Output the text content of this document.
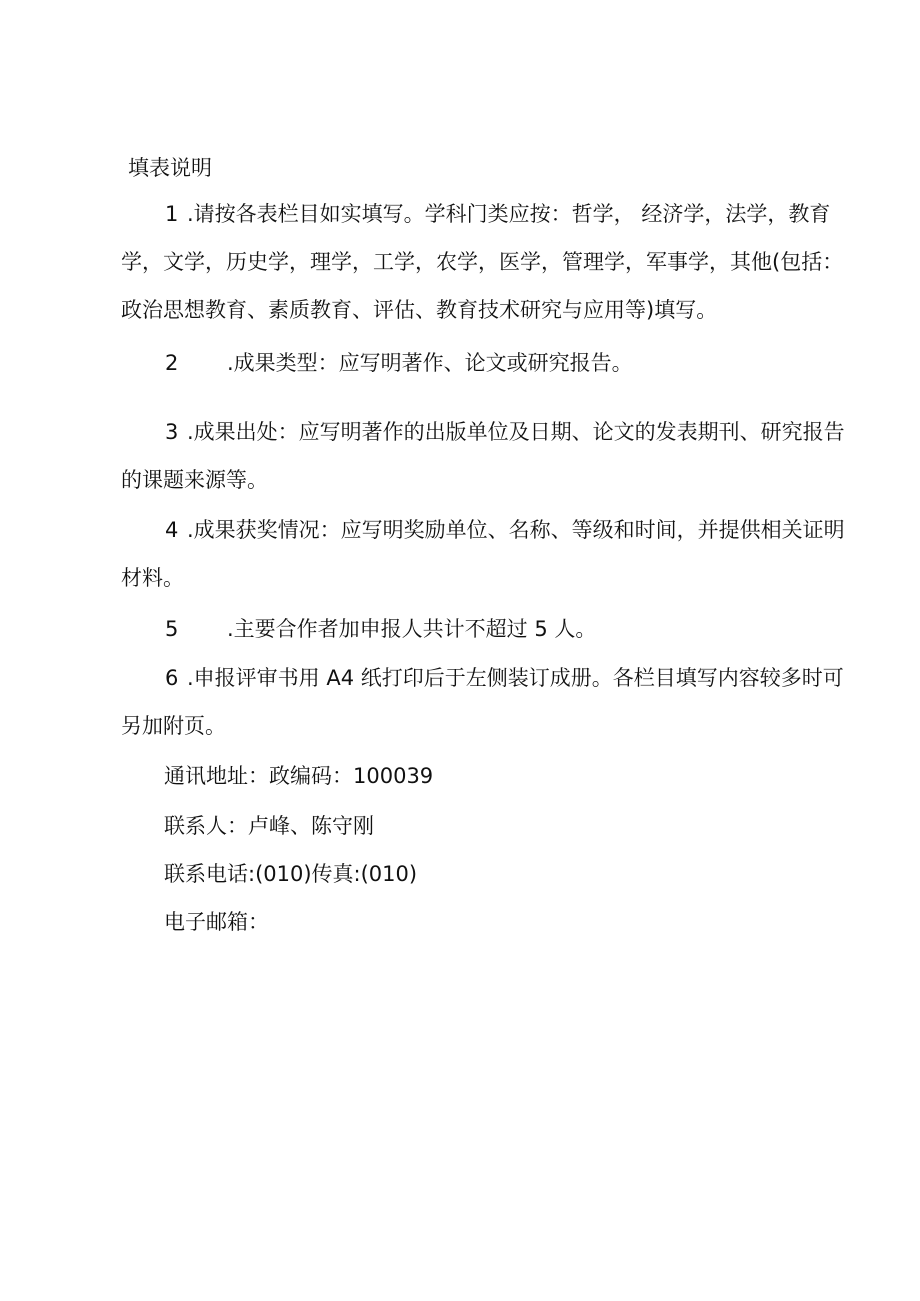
填表说明
1 .请按各表栏目如实填写。学科门类应按：哲学， 经济学，法学，教育学，文学，历史学，理学，工学，农学，医学，管理学，军事学，其他(包括：政治思想教育、素质教育、评估、教育技术研究与应用等)填写。
2 .成果类型：应写明著作、论文或研究报告。
3 .成果出处：应写明著作的出版单位及日期、论文的发表期刊、研究报告的课题来源等。
4 .成果获奖情况：应写明奖励单位、名称、等级和时间，并提供相关证明材料。
5 .主要合作者加申报人共计不超过 5 人。
6 .申报评审书用 A4 纸打印后于左侧装订成册。各栏目填写内容较多时可另加附页。
通讯地址：政编码：100039
联系人：卢峰、陈守刚
联系电话:(010)传真:(010)
电子邮箱：
